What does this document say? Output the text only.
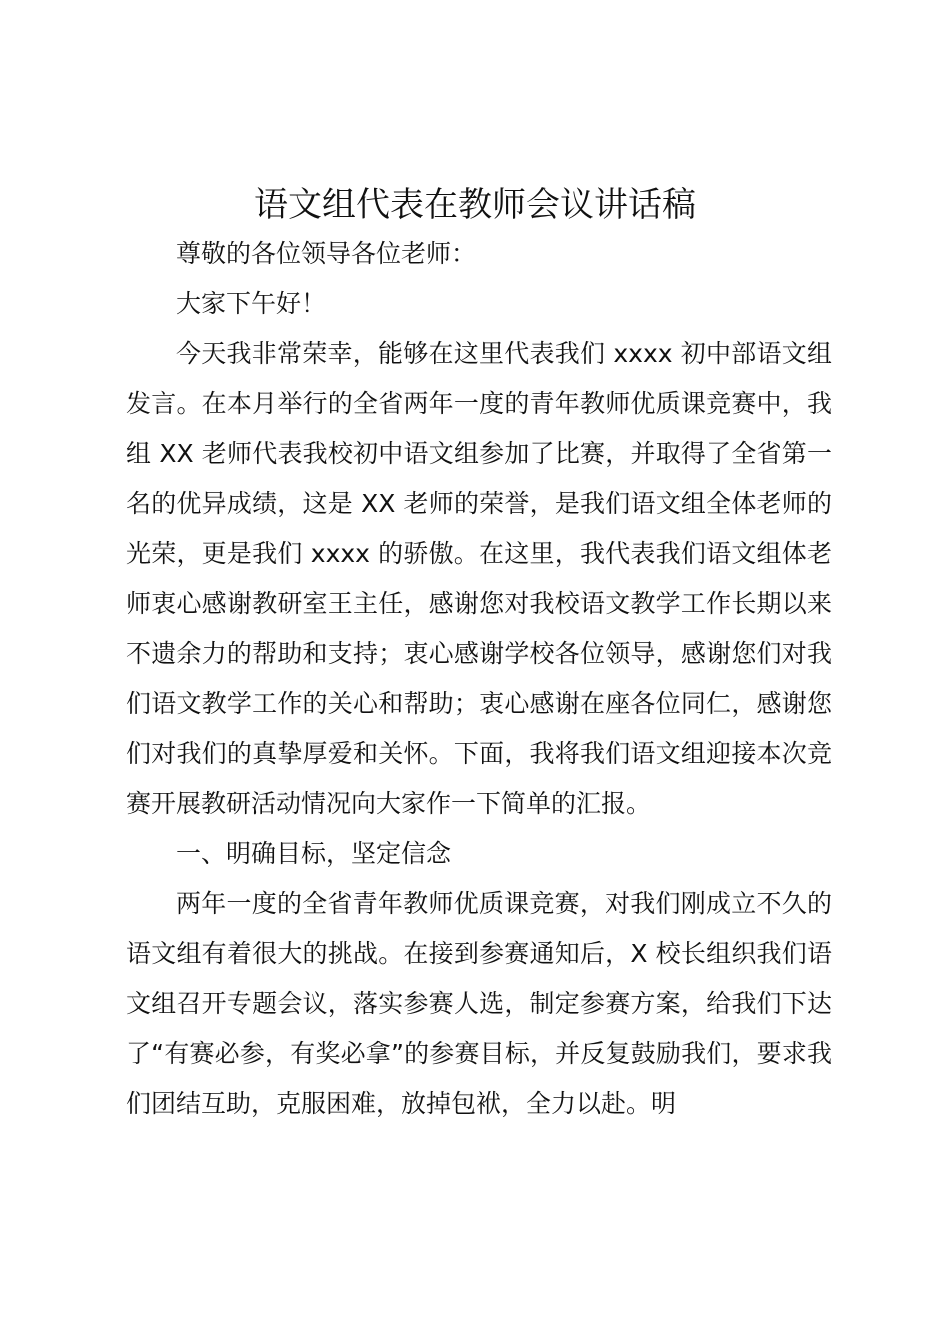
语文组代表在教师会议讲话稿

尊敬的各位领导各位老师：

大家下午好！

今天我非常荣幸，能够在这里代表我们 xxxx 初中部语文组发言。在本月举行的全省两年一度的青年教师优质课竞赛中，我组 XX 老师代表我校初中语文组参加了比赛，并取得了全省第一名的优异成绩，这是 XX 老师的荣誉，是我们语文组全体老师的光荣，更是我们 xxxx 的骄傲。在这里，我代表我们语文组体老师衷心感谢教研室王主任，感谢您对我校语文教学工作长期以来不遗余力的帮助和支持；衷心感谢学校各位领导，感谢您们对我们语文教学工作的关心和帮助；衷心感谢在座各位同仁，感谢您们对我们的真挚厚爱和关怀。下面，我将我们语文组迎接本次竞赛开展教研活动情况向大家作一下简单的汇报。

一、明确目标，坚定信念

两年一度的全省青年教师优质课竞赛，对我们刚成立不久的语文组有着很大的挑战。在接到参赛通知后，X 校长组织我们语文组召开专题会议，落实参赛人选，制定参赛方案，给我们下达了“有赛必参，有奖必拿”的参赛目标，并反复鼓励我们，要求我们团结互助，克服困难，放掉包袱，全力以赴。明
